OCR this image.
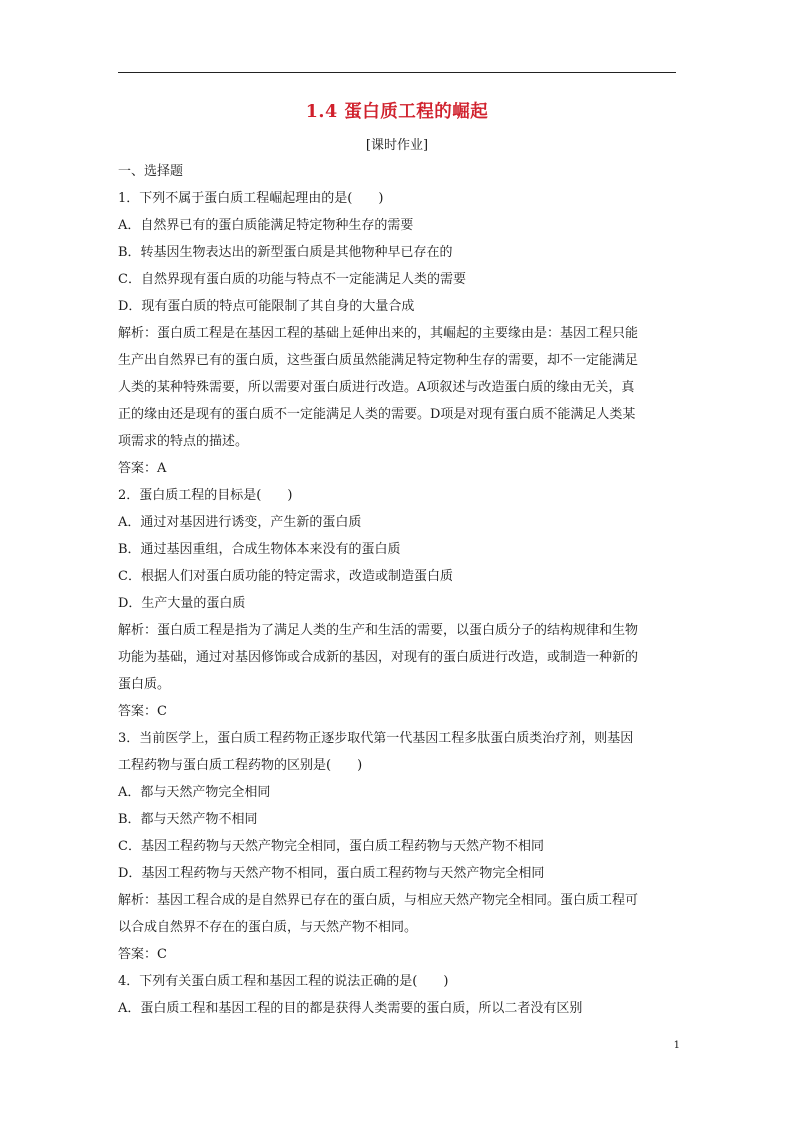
1.4 蛋白质工程的崛起
[课时作业]
一、选择题
1．下列不属于蛋白质工程崛起理由的是(　　)
A．自然界已有的蛋白质能满足特定物种生存的需要
B．转基因生物表达出的新型蛋白质是其他物种早已存在的
C．自然界现有蛋白质的功能与特点不一定能满足人类的需要
D．现有蛋白质的特点可能限制了其自身的大量合成
解析：蛋白质工程是在基因工程的基础上延伸出来的，其崛起的主要缘由是：基因工程只能
生产出自然界已有的蛋白质，这些蛋白质虽然能满足特定物种生存的需要，却不一定能满足
人类的某种特殊需要，所以需要对蛋白质进行改造。A项叙述与改造蛋白质的缘由无关，真
正的缘由还是现有的蛋白质不一定能满足人类的需要。D项是对现有蛋白质不能满足人类某
项需求的特点的描述。
答案：A
2．蛋白质工程的目标是(　　)
A．通过对基因进行诱变，产生新的蛋白质
B．通过基因重组，合成生物体本来没有的蛋白质
C．根据人们对蛋白质功能的特定需求，改造或制造蛋白质
D．生产大量的蛋白质
解析：蛋白质工程是指为了满足人类的生产和生活的需要，以蛋白质分子的结构规律和生物
功能为基础，通过对基因修饰或合成新的基因，对现有的蛋白质进行改造，或制造一种新的
蛋白质。
答案：C
3．当前医学上，蛋白质工程药物正逐步取代第一代基因工程多肽蛋白质类治疗剂，则基因
工程药物与蛋白质工程药物的区别是(　　)
A．都与天然产物完全相同
B．都与天然产物不相同
C．基因工程药物与天然产物完全相同，蛋白质工程药物与天然产物不相同
D．基因工程药物与天然产物不相同，蛋白质工程药物与天然产物完全相同
解析：基因工程合成的是自然界已存在的蛋白质，与相应天然产物完全相同。蛋白质工程可
以合成自然界不存在的蛋白质，与天然产物不相同。
答案：C
4．下列有关蛋白质工程和基因工程的说法正确的是(　　)
A．蛋白质工程和基因工程的目的都是获得人类需要的蛋白质，所以二者没有区别
1
